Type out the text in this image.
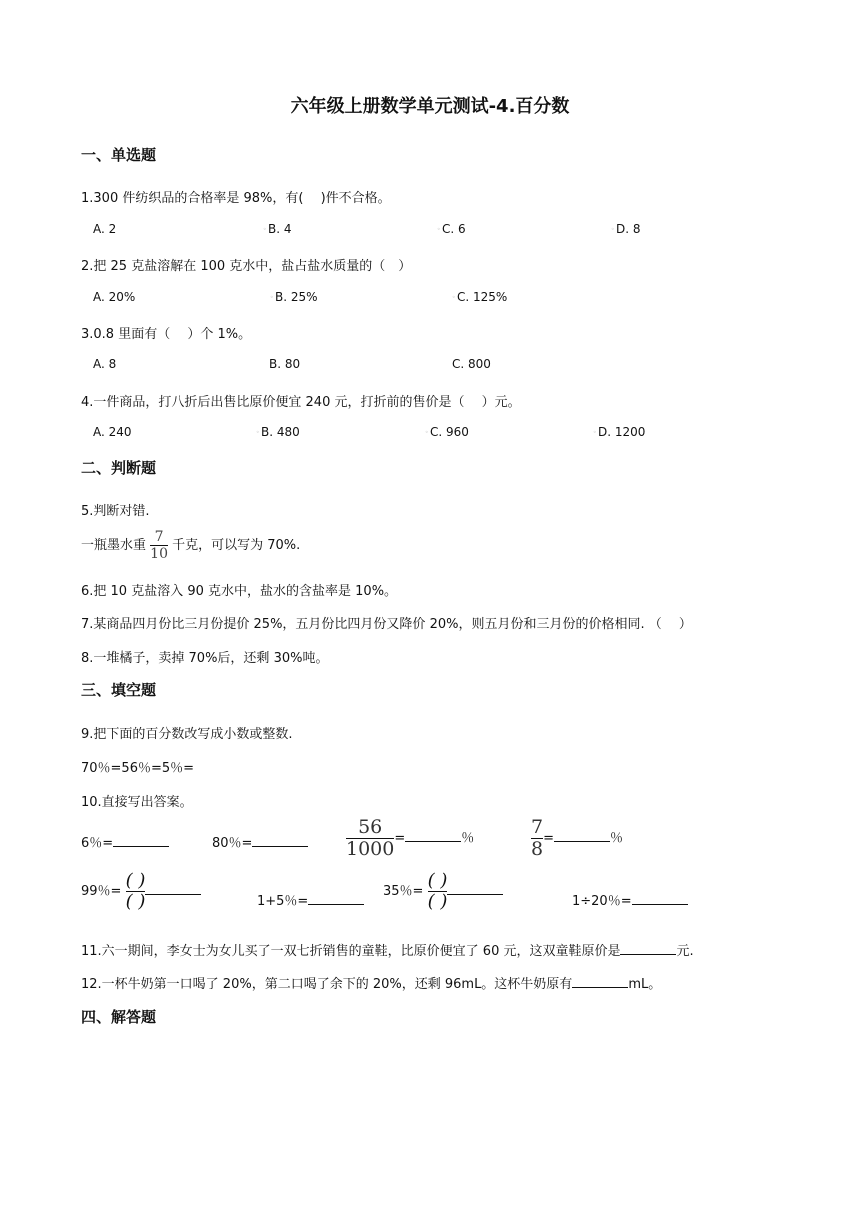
六年级上册数学单元测试-4.百分数
一、单选题
1.300 件纺织品的合格率是 98%，有(　 )件不合格。
A. 2	◦ B. 4	◦ C. 6	◦ D. 8
2.把 25 克盐溶解在 100 克水中，盐占盐水质量的（　）
A. 20%	◦ B. 25%	◦ C. 125%
3.0.8 里面有（　 ）个 1%。
A. 8	B. 80	C. 800
4.一件商品，打八折后出售比原价便宜 240 元，打折前的售价是（　 ）元。
A. 240	◦ B. 480	◦ C. 960	◦ D. 1200
二、判断题
5.判断对错.
一瓶墨水重 $\frac{7}{10}$ 千克，可以写为 70%.
6.把 10 克盐溶入 90 克水中，盐水的含盐率是 10%。
7.某商品四月份比三月份提价 25%，五月份比四月份又降价 20%，则五月份和三月份的价格相同. （　 ）
8.一堆橘子，卖掉 70%后，还剩 30%吨。
三、填空题
9.把下面的百分数改写成小数或整数.
70％=56％=5％=
10.直接写出答案。
6％=	80％=	$\frac{56}{1000}$ =	％	$\frac{7}{8}$ =	％
99％= $\frac{( )}{( )}$	1+5％=
35％= $\frac{( )}{( )}$	1÷20％=
11.六一期间，李女士为女儿买了一双七折销售的童鞋，比原价便宜了 60 元，这双童鞋原价是	元.
12.一杯牛奶第一口喝了 20%，第二口喝了余下的 20%，还剩 96mL。这杯牛奶原有	mL。
四、解答题
